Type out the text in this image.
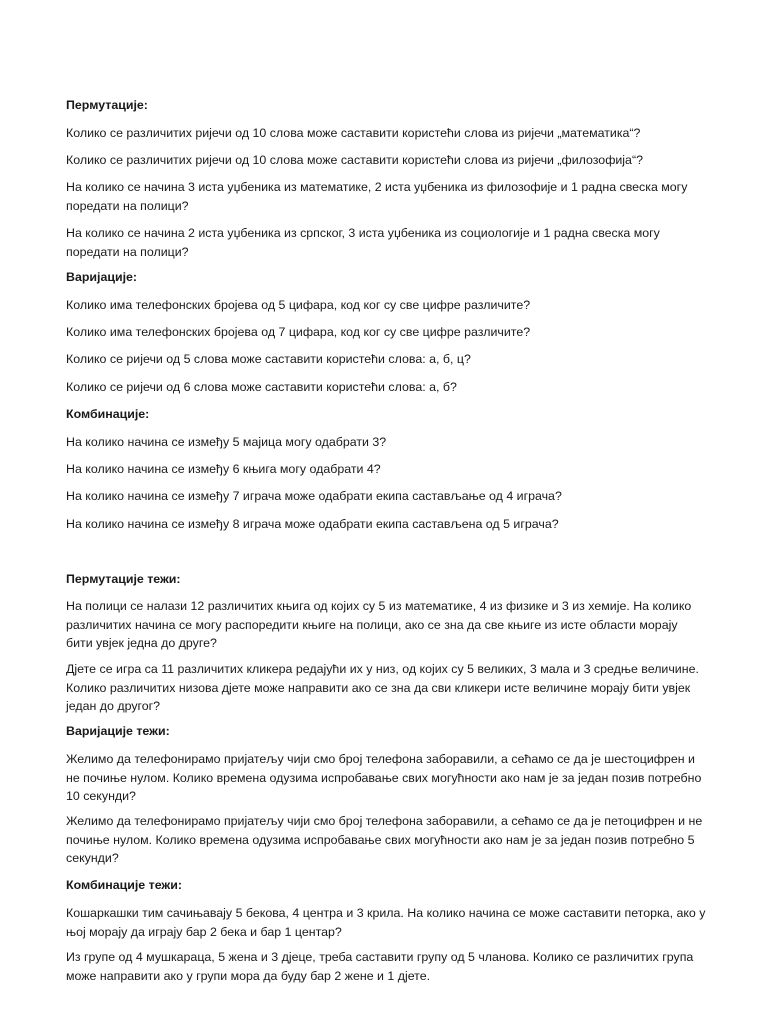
Пермутације:

Колико се различитих ријечи од 10 слова може саставити користећи слова из ријечи „математика“?

Колико се различитих ријечи од 10 слова може саставити користећи слова из ријечи „филозофија“?

На колико се начина 3 иста уџбеника из математике, 2 иста уџбеника из филозофије и 1 радна свеска могу поредати на полици?

На колико се начина 2 иста уџбеника из српског, 3 иста уџбеника из социологије и 1 радна свеска могу поредати на полици?

Варијације:

Колико има телефонских бројева од 5 цифара, код ког су све цифре различите?

Колико има телефонских бројева од 7 цифара, код ког су све цифре различите?

Колико се ријечи од 5 слова може саставити користећи слова: а, б, ц?

Колико се ријечи од 6 слова може саставити користећи слова: а, б?

Комбинације:

На колико начина се између 5 мајица могу одабрати 3?

На колико начина се између 6 књига могу одабрати 4?

На колико начина се између 7 играча може одабрати екипа састављање од 4 играча?

На колико начина се између 8 играча може одабрати екипа састављена од 5 играча?

Пермутације тежи:

На полици се налази 12 различитих књига од којих су 5 из математике, 4 из физике и 3 из хемије. На колико различитих начина се могу распоредити књиге на полици, ако се зна да све књиге из исте области морају бити увјек једна до друге?

Дјете се игра са 11 различитих кликера редајући их у низ, од којих су 5 великих, 3 мала и 3 средње величине. Колико различитих низова дјете може направити ако се зна да сви кликери исте величине морају бити увјек један до другог?

Варијације тежи:

Желимо да телефонирамо пријатељу чији смо број телефона заборавили, а сећамо се да је шестоцифрен и не почиње нулом. Колико времена одузима испробавање свих могућности ако нам је за један позив потребно 10 секунди?

Желимо да телефонирамо пријатељу чији смо број телефона заборавили, а сећамо се да је петоцифрен и не почиње нулом. Колико времена одузима испробавање свих могућности ако нам је за један позив потребно 5 секунди?

Комбинације тежи:

Кошаркашки тим сачињавају 5 бекова, 4 центра и 3 крила. На колико начина се може саставити петорка, ако у њој морају да играју бар 2 бека и бар 1 центар?

Из групе од 4 мушкараца, 5 жена и 3 дјеце, треба саставити групу од 5 чланова. Колико се различитих група може направити ако у групи мора да буду бар 2 жене и 1 дјете.
